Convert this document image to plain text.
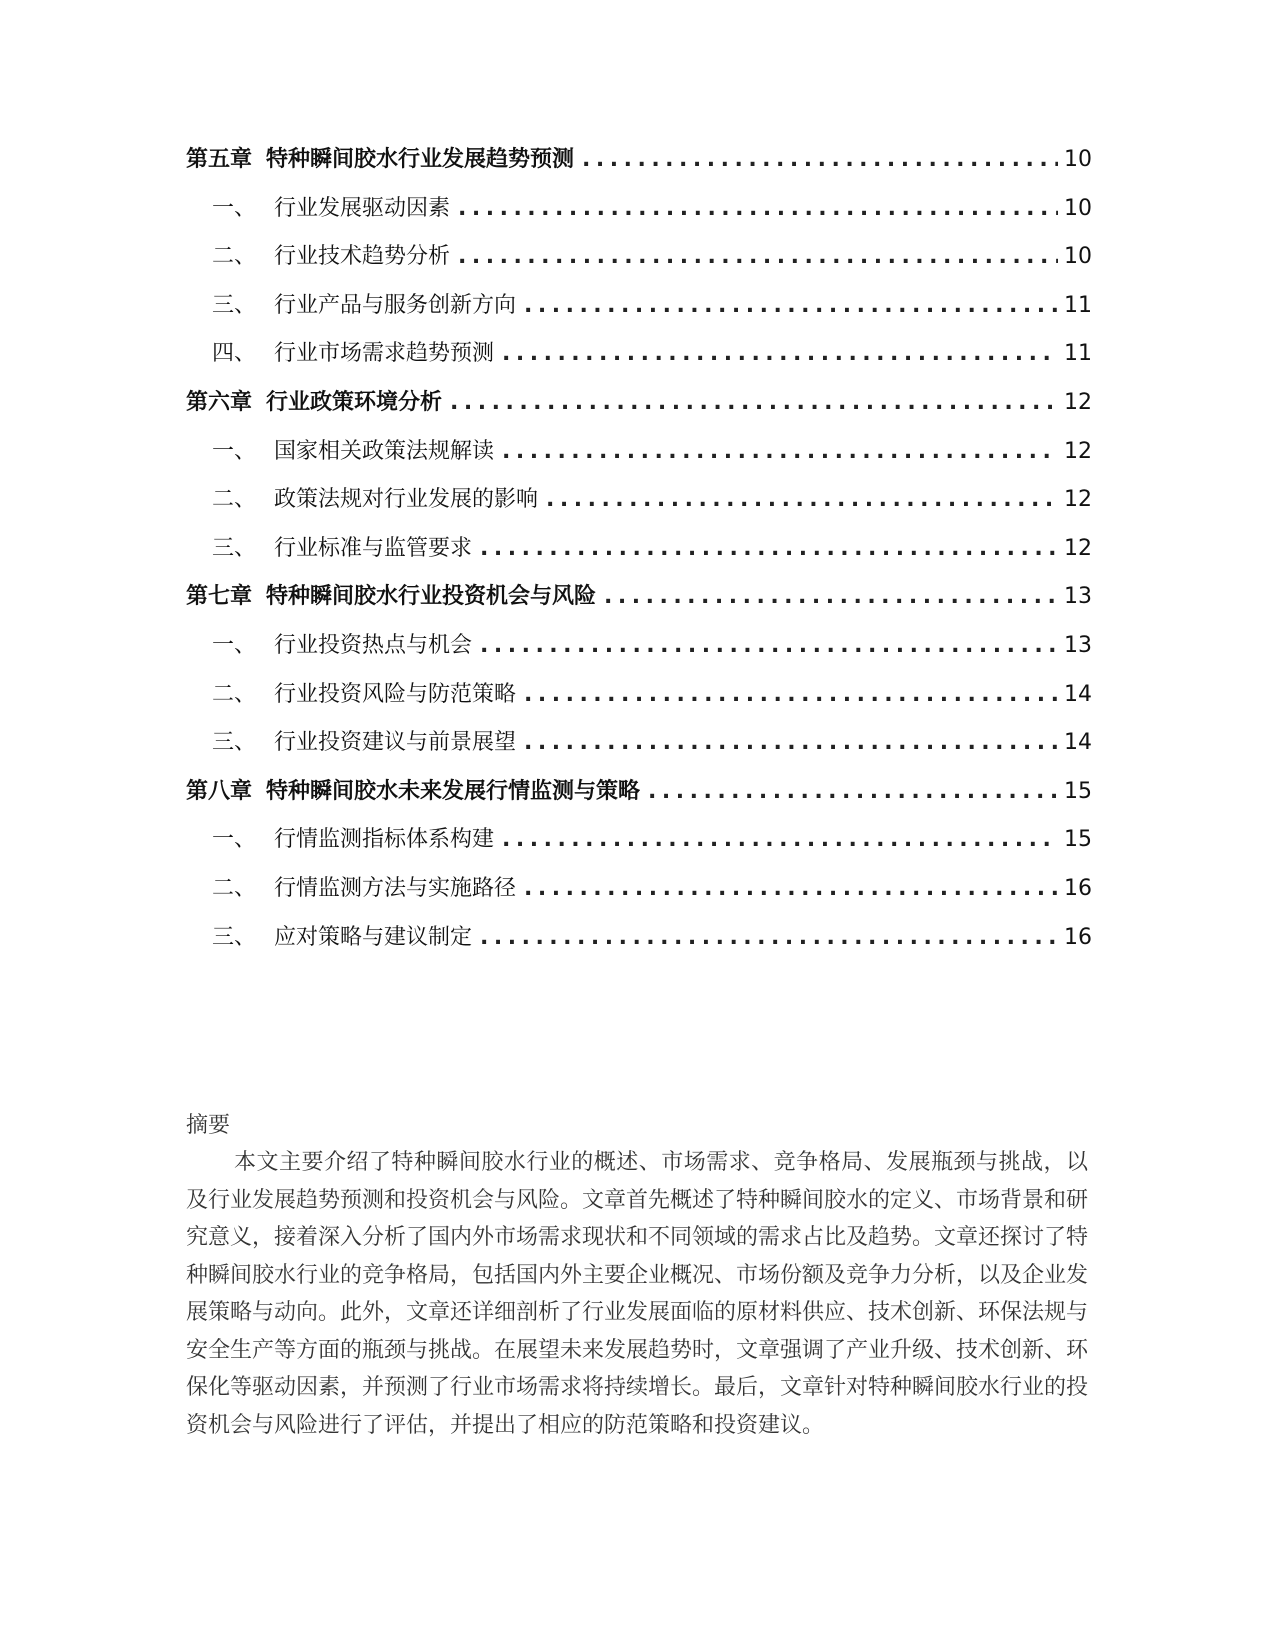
第五章 特种瞬间胶水行业发展趋势预测 .....	10
一、 行业发展驱动因素 .....	10
二、 行业技术趋势分析 .....	10
三、 行业产品与服务创新方向 .....	11
四、 行业市场需求趋势预测 .....	11
第六章 行业政策环境分析 .....	12
一、 国家相关政策法规解读 .....	12
二、 政策法规对行业发展的影响 .....	12
三、 行业标准与监管要求 .....	12
第七章 特种瞬间胶水行业投资机会与风险 .....	13
一、 行业投资热点与机会 .....	13
二、 行业投资风险与防范策略 .....	14
三、 行业投资建议与前景展望 .....	14
第八章 特种瞬间胶水未来发展行情监测与策略 .....	15
一、 行情监测指标体系构建 .....	15
二、 行情监测方法与实施路径 .....	16
三、 应对策略与建议制定 .....	16
摘要

本文主要介绍了特种瞬间胶水行业的概述、市场需求、竞争格局、发展瓶颈与挑战，以及行业发展趋势预测和投资机会与风险。文章首先概述了特种瞬间胶水的定义、市场背景和研究意义，接着深入分析了国内外市场需求现状和不同领域的需求占比及趋势。文章还探讨了特种瞬间胶水行业的竞争格局，包括国内外主要企业概况、市场份额及竞争力分析，以及企业发展策略与动向。此外，文章还详细剖析了行业发展面临的原材料供应、技术创新、环保法规与安全生产等方面的瓶颈与挑战。在展望未来发展趋势时，文章强调了产业升级、技术创新、环保化等驱动因素，并预测了行业市场需求将持续增长。最后，文章针对特种瞬间胶水行业的投资机会与风险进行了评估，并提出了相应的防范策略和投资建议。
